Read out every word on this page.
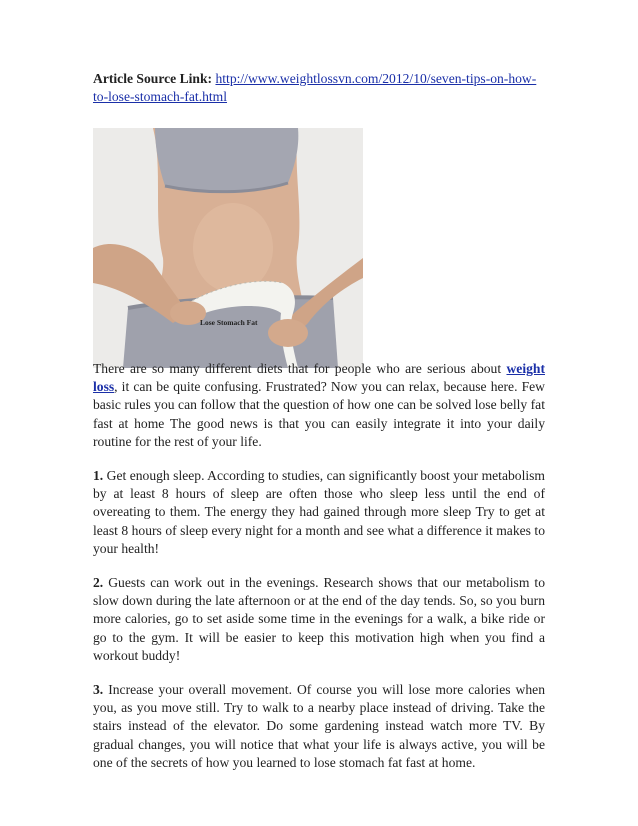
Article Source Link: http://www.weightlossvn.com/2012/10/seven-tips-on-how-to-lose-stomach-fat.html

Lose Stomach Fat

There are so many different diets that for people who are serious about weight loss, it can be quite confusing. Frustrated? Now you can relax, because here. Few basic rules you can follow that the question of how one can be solved lose belly fat fast at home The good news is that you can easily integrate it into your daily routine for the rest of your life.

1. Get enough sleep. According to studies, can significantly boost your metabolism by at least 8 hours of sleep are often those who sleep less until the end of overeating to them. The energy they had gained through more sleep Try to get at least 8 hours of sleep every night for a month and see what a difference it makes to your health!

2. Guests can work out in the evenings. Research shows that our metabolism to slow down during the late afternoon or at the end of the day tends. So, so you burn more calories, go to set aside some time in the evenings for a walk, a bike ride or go to the gym. It will be easier to keep this motivation high when you find a workout buddy!

3. Increase your overall movement. Of course you will lose more calories when you, as you move still. Try to walk to a nearby place instead of driving. Take the stairs instead of the elevator. Do some gardening instead watch more TV. By gradual changes, you will notice that what your life is always active, you will be one of the secrets of how you learned to lose stomach fat fast at home.
